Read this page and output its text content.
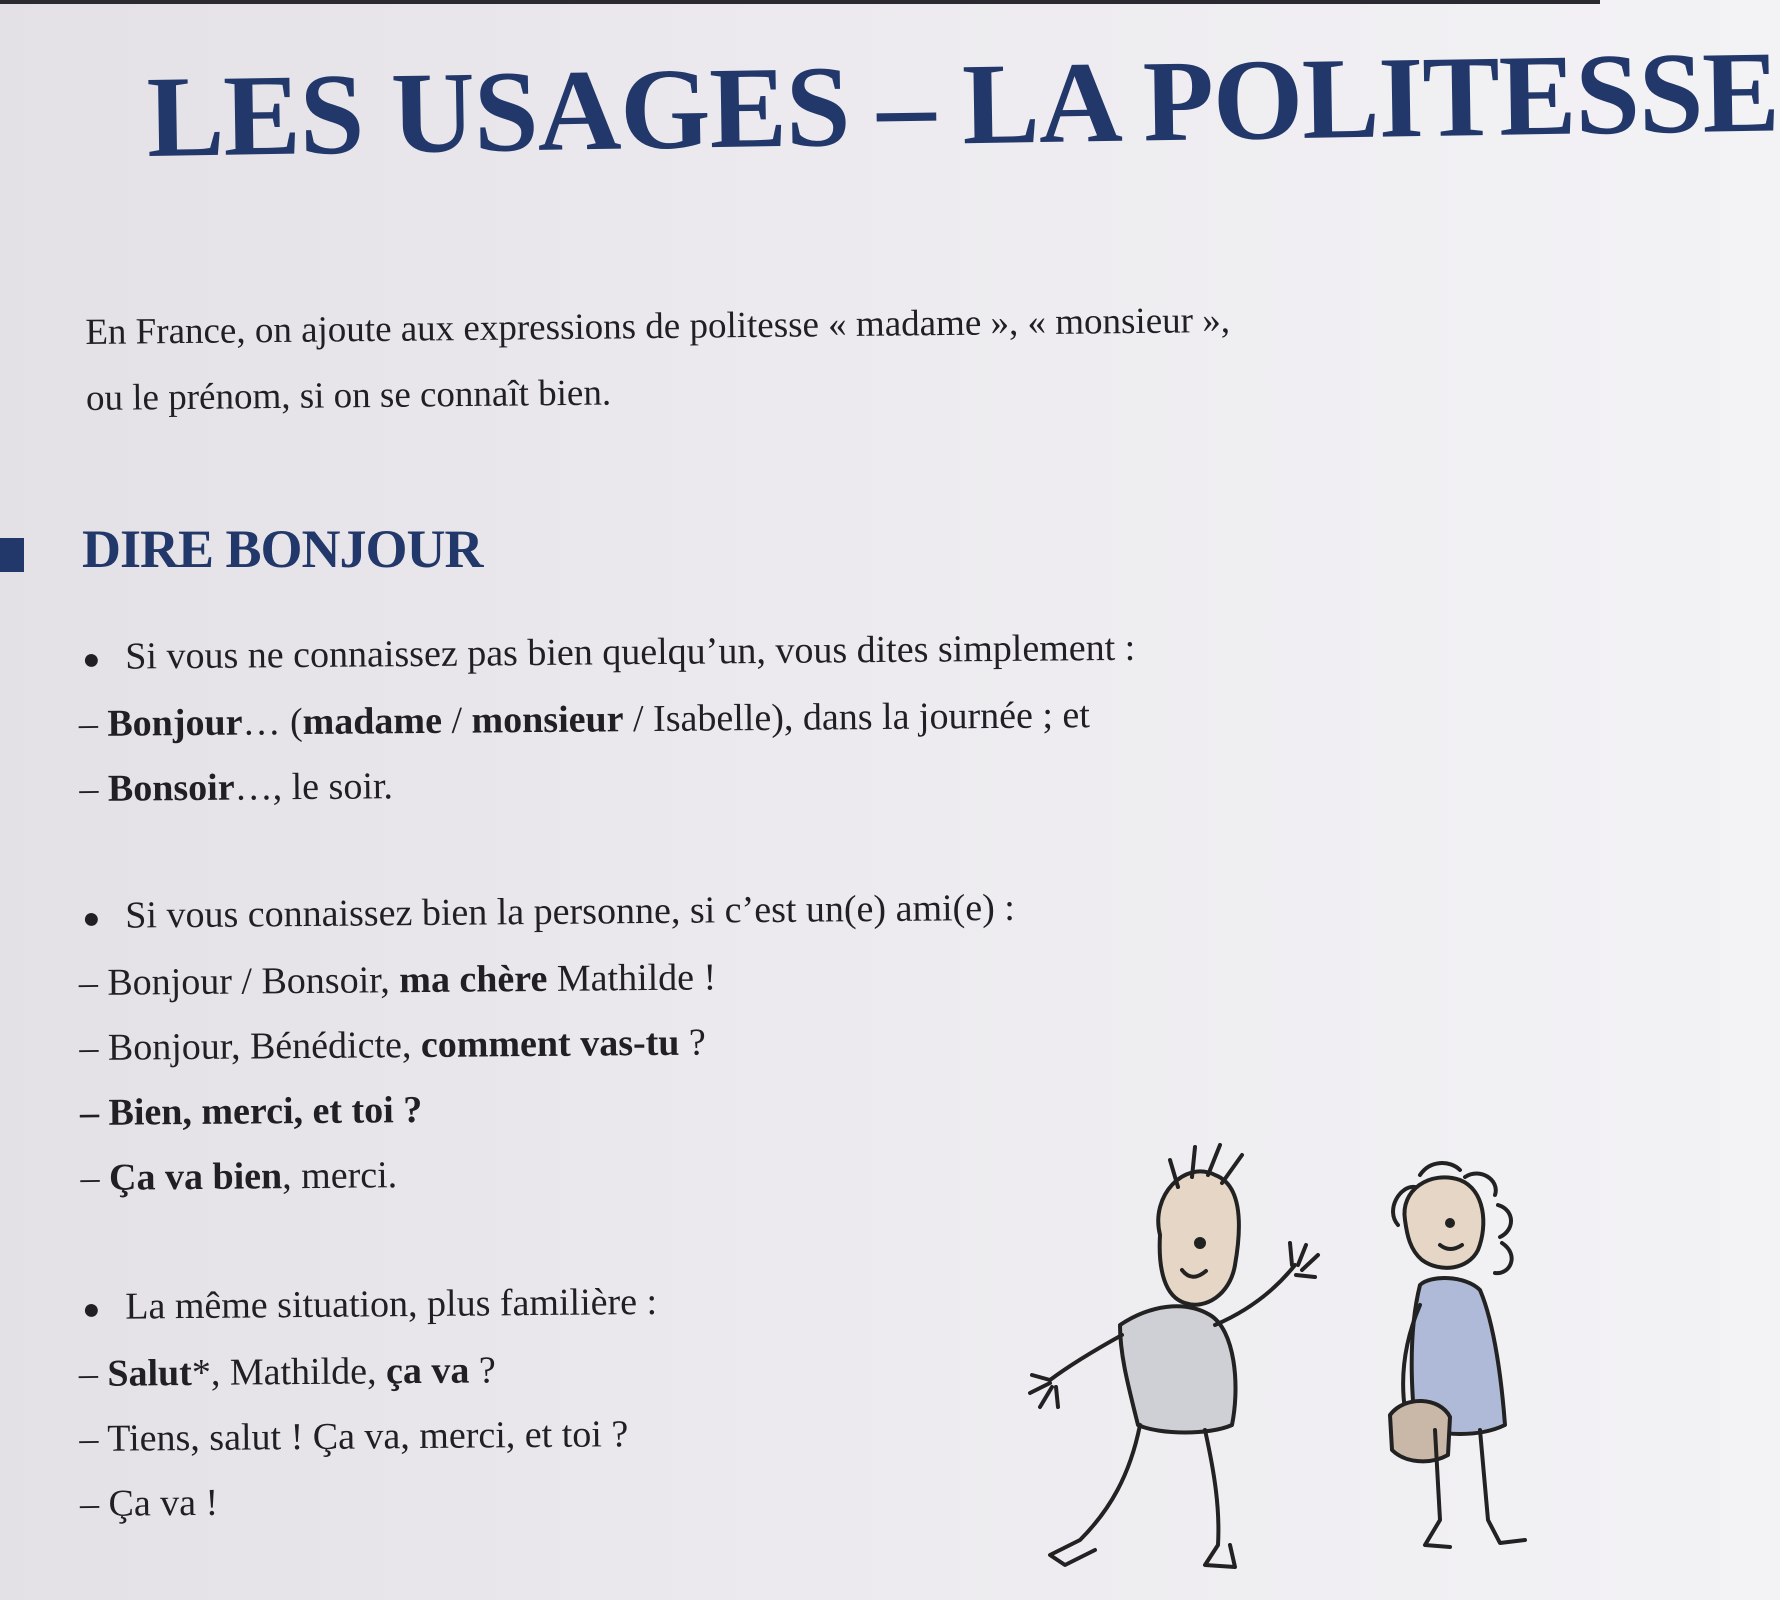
LES USAGES – LA POLITESSE
En France, on ajoute aux expressions de politesse « madame », « monsieur »,
ou le prénom, si on se connaît bien.
DIRE BONJOUR

● Si vous ne connaissez pas bien quelqu’un, vous dites simplement :

– Bonjour… (madame / monsieur / Isabelle), dans la journée ; et

– Bonsoir…, le soir.

● Si vous connaissez bien la personne, si c’est un(e) ami(e) :

– Bonjour / Bonsoir, ma chère Mathilde !

– Bonjour, Bénédicte, comment vas-tu ?

– Bien, merci, et toi ?

– Ça va bien, merci.

● La même situation, plus familière :

– Salut*, Mathilde, ça va ?

– Tiens, salut ! Ça va, merci, et toi ?

– Ça va !
